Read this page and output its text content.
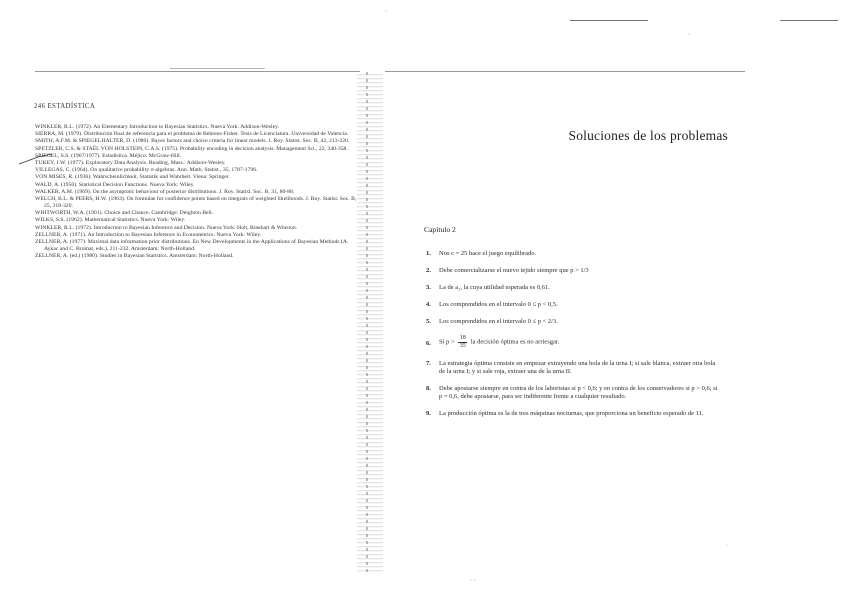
246 ESTADÍSTICA

WINKLER, R.L. (1972). An Elementary Introduction to Bayesian Statistics. Nueva York: Addison-Wesley.

SIERRA, M. (1979). Distribución final de referencia para el problema de Behrens-Fisher. Tesis de Licenciatura. Universidad de Valencia.

SMITH, A.F.M. & SPIEGELHALTER, D. (1980). Bayes factors and choice criteria for linear models. J. Roy. Statist. Soc. B, 42, 213-220.

SPETZLER, C.S. & STAËL VON HOLSTEIN, C.A.S. (1975). Probability encoding in decision analysis. Management Sci., 22, 340-358.

SPIEGEL, S.S. (1967/1977). Estadística. Méjico: McGraw-Hill.

TUKEY, J.W. (1977). Exploratory Data Analysis. Reading, Mass.: Addison-Wesley.

VILLEGAS, C. (1964). On qualitative probability σ-algebras. Ann. Math. Statist., 35, 1787-1796.

VON MISES, R. (1936). Wahrscheinlichkeit, Statistik und Wahrheit. Viena: Springer.

WALD, A. (1950). Statistical Decision Functions. Nueva York: Wiley.

WALKER, A.M. (1969). On the asymptotic behaviour of posterior distributions. J. Roy. Statist. Soc. B, 31, 80-88.

WELCH, B.L. & PEERS, H.W. (1963). On formulae for confidence points based on integrals of weighted likelihoods. J. Roy. Statist. Soc. B, 25, 318-329.

WHITWORTH, W.A. (1901). Choice and Chance. Cambridge: Deighton Bell.

WILKS, S.S. (1962). Mathematical Statistics. Nueva York: Wiley.

WINKLER, R.L. (1972). Introduction to Bayesian Inference and Decision. Nueva York: Holt, Rinehart & Winston.

ZELLNER, A. (1971). An Introduction to Bayesian Inference in Econometrics. Nueva York: Wiley.

ZELLNER, A. (1977). Maximal data information prior distributions. En New Developments in the Applications of Bayesian Methods (A. Aykac and C. Brumat, eds.), 211-232. Amsterdam: North-Holland.

ZELLNER, A. (ed.) (1980). Studies in Bayesian Statistics. Amsterdam: North-Holland.

Soluciones de los problemas
Capítulo 2
1. Nos c = 25 hace el juego equilibrado.
2. Debe comercializarse el nuevo tejido siempre que p > 1/3
3. La de a₂, la cuya utilidad esperada es 0,61.
4. Los comprendidos en el intervalo 0 ≤ p < 0,5.
5. Los comprendidos en el intervalo 0 ≤ p < 2/3.
6. Si $p > \frac{18}{35}$ la decisión óptima es no arriesgar.
7. La estrategia óptima consiste en empezar extrayendo una bola de la urna I; si sale blanca, extraer otra bola de la urna I; y si sale roja, extraer una de la urna II.
8. Debe apostarse siempre en contra de los laboristas si p < 0,6; y en contra de los conservadores si p > 0,6; si p = 0,6, debe apostarse, para ser indiferente frente a cualquier resultado.
9. La producción óptima es la de tres máquinas nocturnas, que proporciona un beneficio esperado de 11.
·
· ·
·
·
